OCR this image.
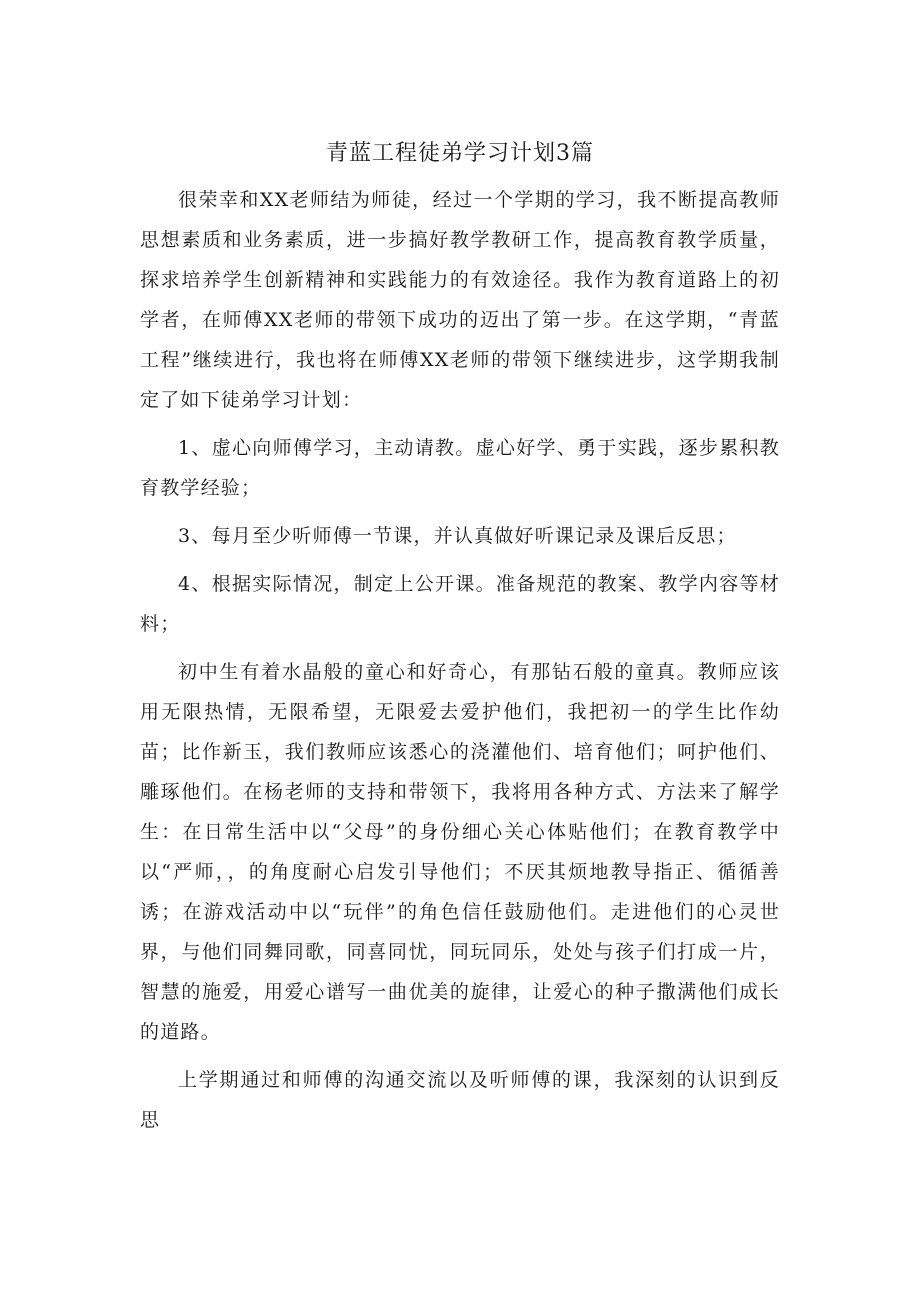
青蓝工程徒弟学习计划3篇

很荣幸和XX老师结为师徒，经过一个学期的学习，我不断提高教师思想素质和业务素质，进一步搞好教学教研工作，提高教育教学质量，探求培养学生创新精神和实践能力的有效途径。我作为教育道路上的初学者，在师傅XX老师的带领下成功的迈出了第一步。在这学期，“青蓝工程”继续进行，我也将在师傅XX老师的带领下继续进步，这学期我制定了如下徒弟学习计划：

1、虚心向师傅学习，主动请教。虚心好学、勇于实践，逐步累积教育教学经验；

3、每月至少听师傅一节课，并认真做好听课记录及课后反思；

4、根据实际情况，制定上公开课。准备规范的教案、教学内容等材料；

初中生有着水晶般的童心和好奇心，有那钻石般的童真。教师应该用无限热情，无限希望，无限爱去爱护他们，我把初一的学生比作幼苗；比作新玉，我们教师应该悉心的浇灌他们、培育他们；呵护他们、雕琢他们。在杨老师的支持和带领下，我将用各种方式、方法来了解学生：在日常生活中以“父母”的身份细心关心体贴他们；在教育教学中以“严师，，的角度耐心启发引导他们；不厌其烦地教导指正、循循善诱；在游戏活动中以“玩伴”的角色信任鼓励他们。走进他们的心灵世界，与他们同舞同歌，同喜同忧，同玩同乐，处处与孩子们打成一片，智慧的施爱，用爱心谱写一曲优美的旋律，让爱心的种子撒满他们成长的道路。

上学期通过和师傅的沟通交流以及听师傅的课，我深刻的认识到反思
